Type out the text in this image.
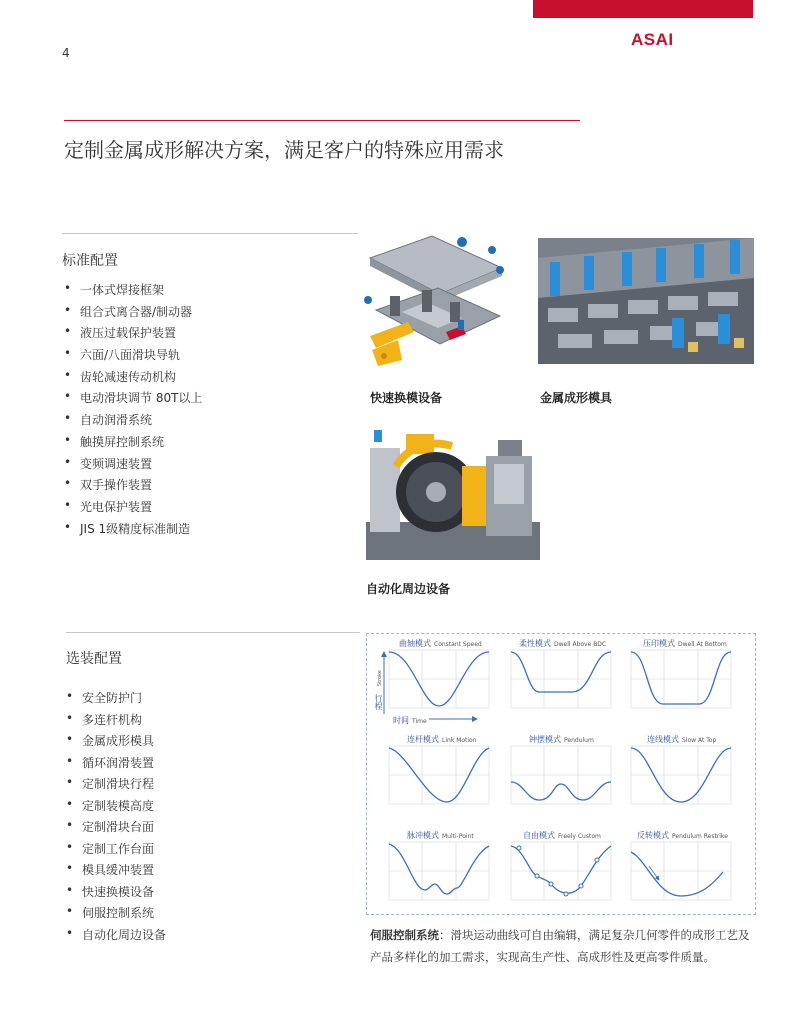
ASAI
4
定制金属成形解决方案，满足客户的特殊应用需求
标准配置
• 一体式焊接框架
• 组合式离合器/制动器
• 液压过载保护装置
• 六面/八面滑块导轨
• 齿轮减速传动机构
• 电动滑块调节 80T以上
• 自动润滑系统
• 触摸屏控制系统
• 变频调速装置
• 双手操作装置
• 光电保护装置
• JIS 1级精度标准制造
快速换模设备	金属成形模具
自动化周边设备
选装配置
• 安全防护门
• 多连杆机构
• 金属成形模具
• 循环润滑装置
• 定制滑块行程
• 定制装模高度
• 定制滑块台面
• 定制工作台面
• 模具缓冲装置
• 快速换模设备
• 伺服控制系统
• 自动化周边设备
曲轴模式 Constant Speed	柔性模式 Dwell Above BDC	压印模式 Dwell At Bottom
连杆模式 Link Motion	钟摆模式 Pendulum	连线模式 Slow At Top
脉冲模式 Multi-Point	自由模式 Freely Custom	反转模式 Pendulum Restrike
Stroke
行程
时间 Time
伺服控制系统：滑块运动曲线可自由编辑，满足复杂几何零件的成形工艺及产品多样化的加工需求，实现高生产性、高成形性及更高零件质量。
